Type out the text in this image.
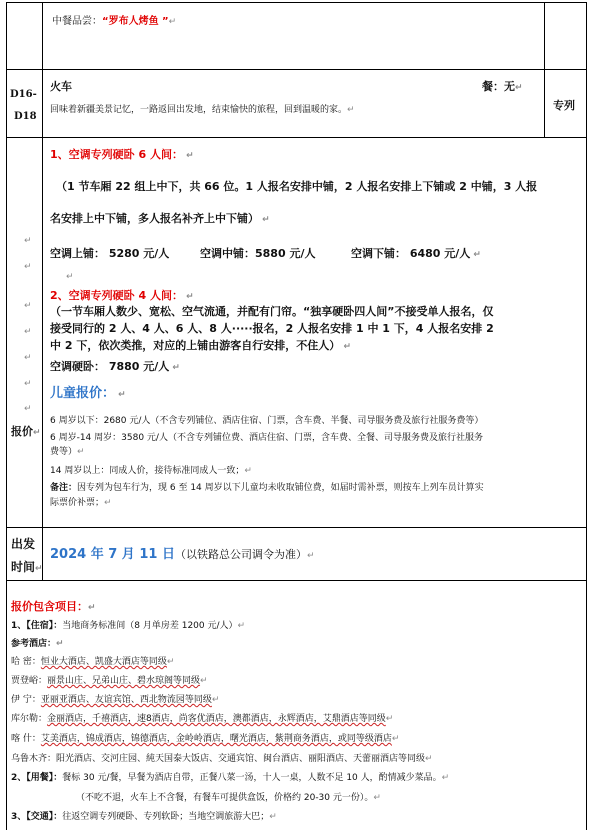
中餐品尝：“罗布人烤鱼 ”↵
D16-
D18
火车	餐：无↵
回味着新疆美景记忆，一路返回出发地，结束愉快的旅程，回到温暖的家。↵	专列
↵
↵
↵
↵
↵
↵
↵
报价↵
1、空调专列硬卧 6 人间： ↵
（1 节车厢 22 组上中下，共 66 位。1 人报名安排中铺，2 人报名安排上下铺或 2 中铺，3 人报
名安排上中下铺，多人报名补齐上中下铺） ↵
空调上铺： 5280 元/人	空调中铺：5880 元/人	空调下铺： 6480 元/人 ↵
↵
2、空调专列硬卧 4 人间： ↵
（一节车厢人数少、宽松、空气流通，并配有门帘。“独享硬卧四人间”不接受单人报名，仅
接受同行的 2 人、4 人、6 人、8 人·····报名，2 人报名安排 1 中 1 下，4 人报名安排 2
中 2 下，依次类推，对应的上铺由游客自行安排，不住人） ↵
空调硬卧： 7880 元/人 ↵
儿童报价： ↵
6 周岁以下：2680 元/人（不含专列铺位、酒店住宿、门票，含车费、半餐、司导服务费及旅行社服务费等）
6 周岁-14 周岁：3580 元/人（不含专列铺位费、酒店住宿、门票，含车费、全餐、司导服务费及旅行社服务
费等）↵
14 周岁以上：同成人价，接待标准同成人一致；↵
备注：因专列为包车行为，现 6 至 14 周岁以下儿童均未收取铺位费，如届时需补票，则按车上列车员计算实
际票价补票；↵
出发
时间↵
2024 年 7 月 11 日（以铁路总公司调令为准）↵
报价包含项目：↵
1、【住宿】：当地商务标准间（8 月单房差 1200 元/人）↵
参考酒店：↵
哈 密：恒业大酒店、凯盛大酒店等同级↵
贾登峪：丽景山庄、兄弟山庄、碧水琼阁等同级↵
伊 宁：亚丽亚酒店、友谊宾馆、西北物流园等同级↵
库尔勒：金丽酒店，千禧酒店，速8酒店，尚客优酒店，澳都酒店，永辉酒店，艾鼎酒店等同级↵
喀 什：艾美酒店，锦成酒店，锦德酒店，金岭岭酒店，曙光酒店，紫荆商务酒店，或同等级酒店↵
乌鲁木齐：阳光酒店、交河庄园、純天国泰大饭店、交通宾馆、闽台酒店、丽阳酒店、天蕾丽酒店等同级↵
2、【用餐】：餐标 30 元/餐，早餐为酒店自带，正餐八菜一汤，十人一桌，人数不足 10 人，酌情减少菜品。↵
（不吃不退，火车上不含餐，有餐车可提供盒饭，价格约 20-30 元一份）。↵
3、【交通】：往返空调专列硬卧、专列软卧；当地空调旅游大巴；↵
